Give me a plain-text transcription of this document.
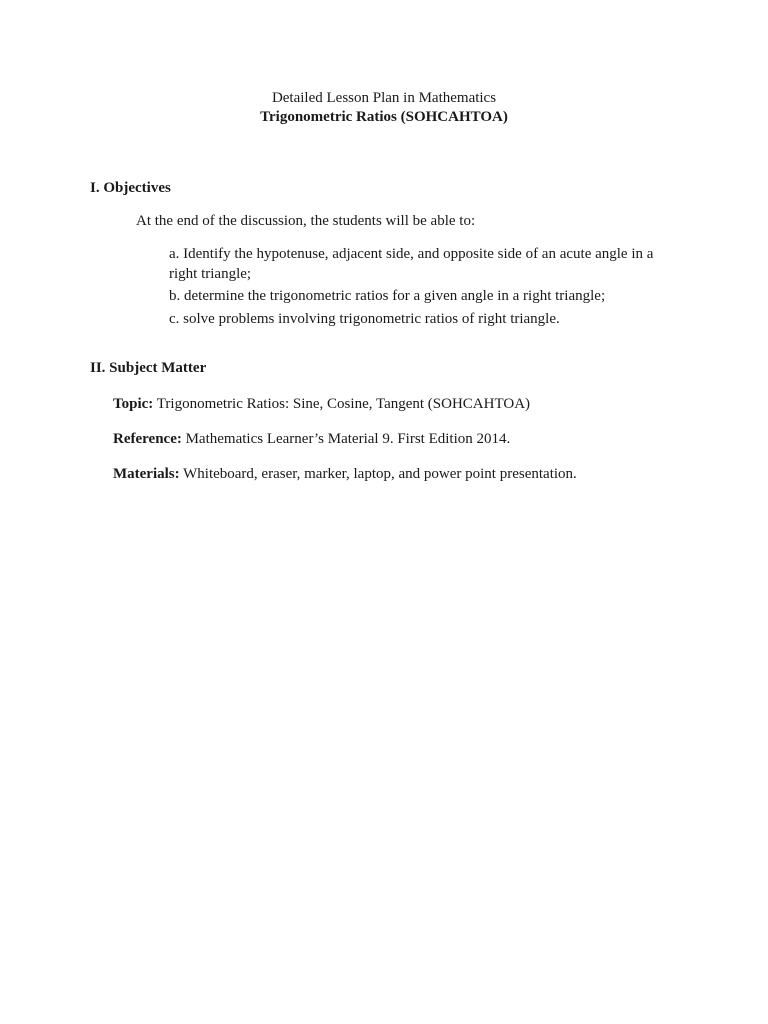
Detailed Lesson Plan in Mathematics
Trigonometric Ratios (SOHCAHTOA)
I. Objectives
At the end of the discussion, the students will be able to:
a. Identify the hypotenuse, adjacent side, and opposite side of an acute angle in a right triangle;
b. determine the trigonometric ratios for a given angle in a right triangle;
c. solve problems involving trigonometric ratios of right triangle.
II. Subject Matter
Topic: Trigonometric Ratios: Sine, Cosine, Tangent (SOHCAHTOA)
Reference: Mathematics Learner’s Material 9. First Edition 2014.
Materials: Whiteboard, eraser, marker, laptop, and power point presentation.
